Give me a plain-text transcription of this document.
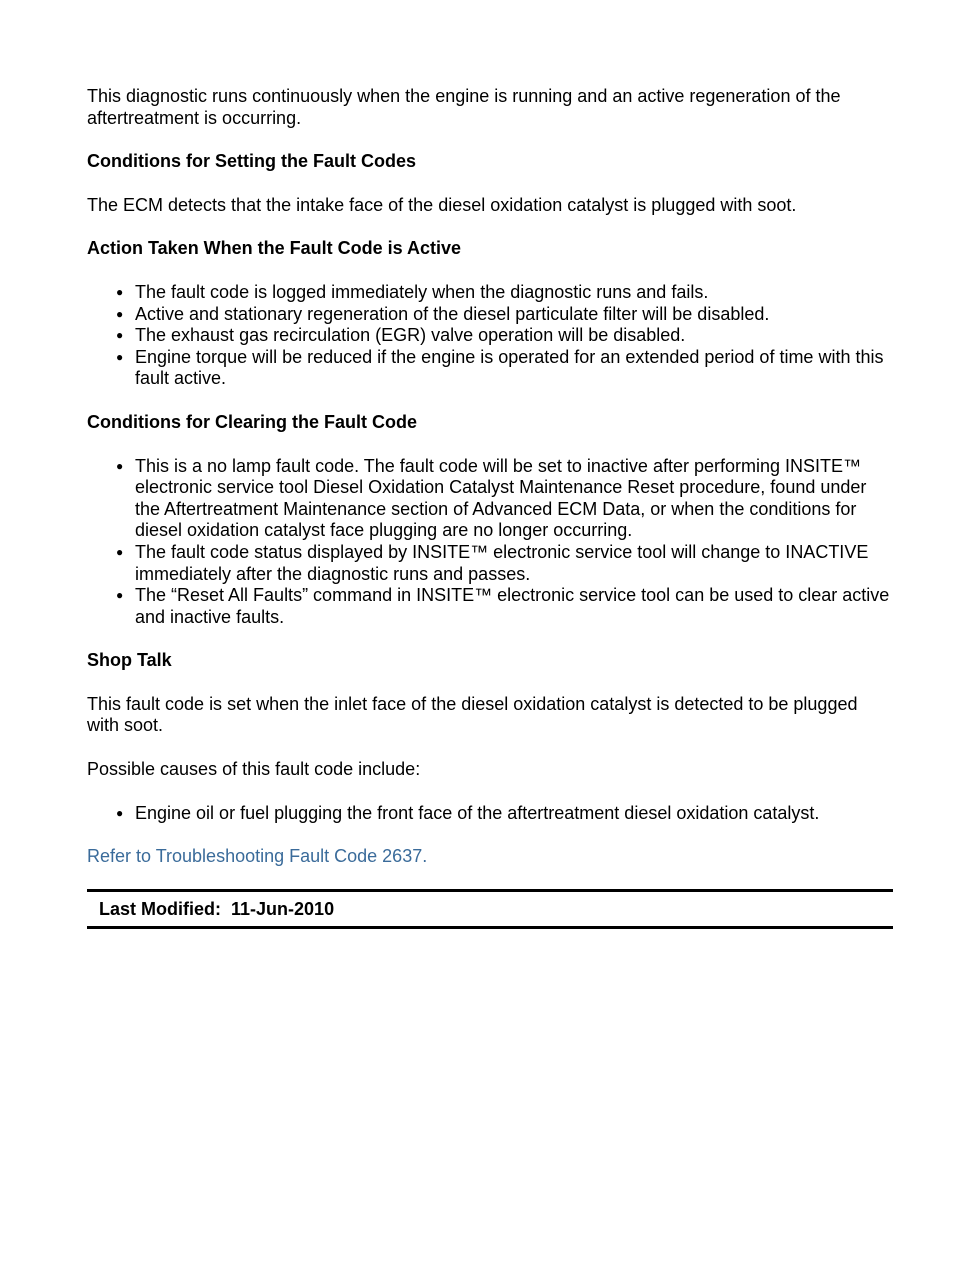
This diagnostic runs continuously when the engine is running and an active regeneration of the aftertreatment is occurring.

Conditions for Setting the Fault Codes

The ECM detects that the intake face of the diesel oxidation catalyst is plugged with soot.

Action Taken When the Fault Code is Active
● The fault code is logged immediately when the diagnostic runs and fails.
● Active and stationary regeneration of the diesel particulate filter will be disabled.
● The exhaust gas recirculation (EGR) valve operation will be disabled.
● Engine torque will be reduced if the engine is operated for an extended period of time with this fault active.
Conditions for Clearing the Fault Code
● This is a no lamp fault code. The fault code will be set to inactive after performing INSITE™ electronic service tool Diesel Oxidation Catalyst Maintenance Reset procedure, found under the Aftertreatment Maintenance section of Advanced ECM Data, or when the conditions for diesel oxidation catalyst face plugging are no longer occurring.
● The fault code status displayed by INSITE™ electronic service tool will change to INACTIVE immediately after the diagnostic runs and passes.
● The “Reset All Faults” command in INSITE™ electronic service tool can be used to clear active and inactive faults.
Shop Talk

This fault code is set when the inlet face of the diesel oxidation catalyst is detected to be plugged with soot.

Possible causes of this fault code include:

● Engine oil or fuel plugging the front face of the aftertreatment diesel oxidation catalyst.
Refer to Troubleshooting Fault Code 2637.
Last Modified: 11-Jun-2010
